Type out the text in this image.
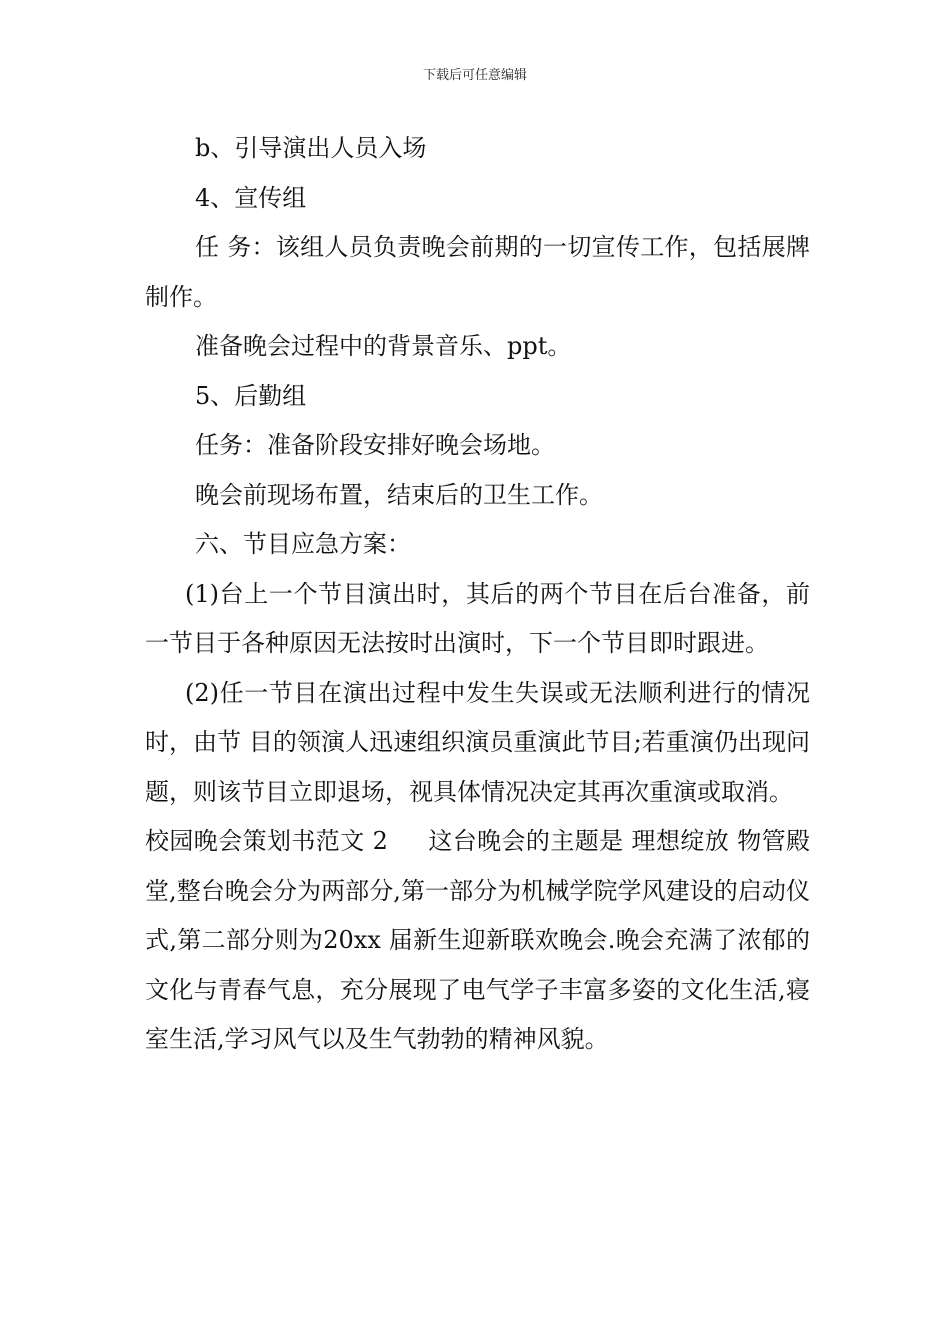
下载后可任意编辑

b、引导演出人员入场

4、宣传组

任 务：该组人员负责晚会前期的一切宣传工作，包括展牌制作。

准备晚会过程中的背景音乐、ppt。

5、后勤组

任务：准备阶段安排好晚会场地。

晚会前现场布置，结束后的卫生工作。

六、节目应急方案：

(1)台上一个节目演出时，其后的两个节目在后台准备，前一节目于各种原因无法按时出演时，下一个节目即时跟进。

(2)任一节目在演出过程中发生失误或无法顺利进行的情况时，由节 目的领演人迅速组织演员重演此节目;若重演仍出现问题，则该节目立即退场，视具体情况决定其再次重演或取消。

校园晚会策划书范文 2 这台晚会的主题是 理想绽放 物管殿堂,整台晚会分为两部分,第一部分为机械学院学风建设的启动仪式,第二部分则为20xx 届新生迎新联欢晚会.晚会充满了浓郁的文化与青春气息，充分展现了电气学子丰富多姿的文化生活,寝室生活,学习风气以及生气勃勃的精神风貌。
